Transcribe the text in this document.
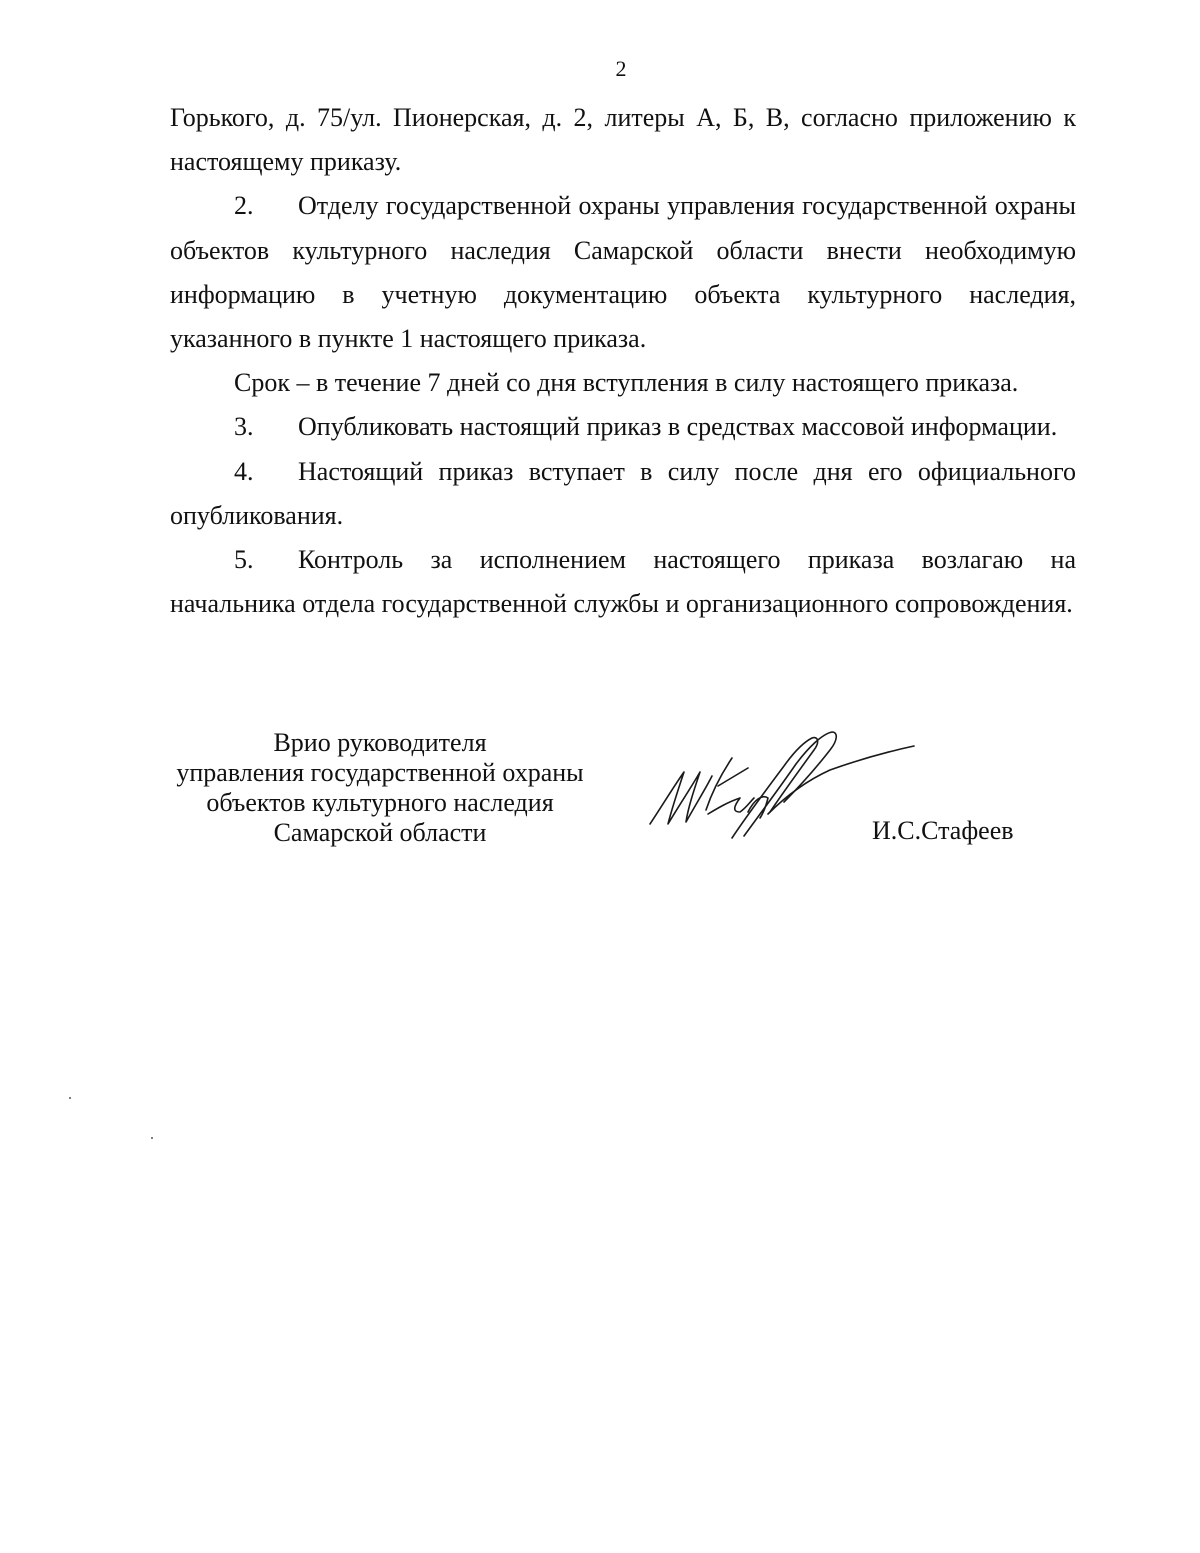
2

Горького, д. 75/ул. Пионерская, д. 2, литеры А, Б, В, согласно приложению к настоящему приказу.

2. Отделу государственной охраны управления государственной охраны объектов культурного наследия Самарской области внести необходимую информацию в учетную документацию объекта культурного наследия, указанного в пункте 1 настоящего приказа.

Срок – в течение 7 дней со дня вступления в силу настоящего приказа.

3. Опубликовать настоящий приказ в средствах массовой информации.

4. Настоящий приказ вступает в силу после дня его официального опубликования.

5. Контроль за исполнением настоящего приказа возлагаю на начальника отдела государственной службы и организационного сопровождения.

Врио руководителя
управления государственной охраны
объектов культурного наследия
Самарской области	И.С.Стафеев
